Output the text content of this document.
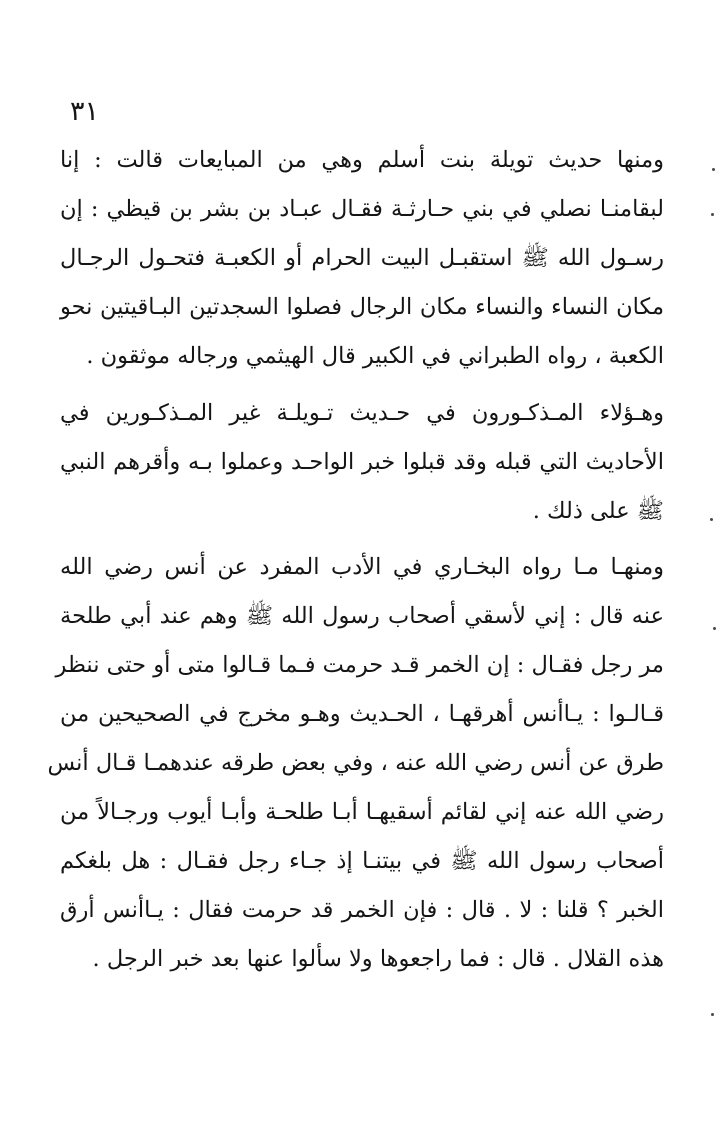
٣١
ومنها حديث تويلة بنت أسلم وهي من المبايعات قالت : إنا
لبقامنـا نصلي في بني حـارثـة فقـال عبـاد بن بشر بن قيظي : إن
رسـول الله ﷺ استقبـل البيت الحرام أو الكعبـة فتحـول الرجـال
مكان النساء والنساء مكان الرجال فصلوا السجدتين البـاقيتين نحو
الكعبة ، رواه الطبراني في الكبير قال الهيثمي ورجاله موثقون .
وهـؤلاء المـذكـورون في حـديث تـويلـة غير المـذكـورين في
الأحاديث التي قبله وقد قبلوا خبر الواحـد وعملوا بـه وأقرهم النبي
ﷺ على ذلك .
ومنهـا مـا رواه البخـاري في الأدب المفرد عن أنس رضي الله
عنه قال : إني لأسقي أصحاب رسول الله ﷺ وهم عند أبي طلحة
مر رجل فقـال : إن الخمر قـد حرمت فـما قـالوا متى أو حتى ننظر
قـالـوا : يـاأنس أهرقهـا ، الحـديث وهـو مخرج في الصحيحين من
طرق عن أنس رضي الله عنه ، وفي بعض طرقه عندهمـا قـال أنس
رضي الله عنه إني لقائم أسقيهـا أبـا طلحـة وأبـا أيوب ورجـالاً من
أصحاب رسول الله ﷺ في بيتنـا إذ جـاء رجل فقـال : هل بلغكم
الخبر ؟ قلنا : لا . قال : فإن الخمر قد حرمت فقال : يـاأنس أرق
هذه القلال . قال : فما راجعوها ولا سألوا عنها بعد خبر الرجل .
